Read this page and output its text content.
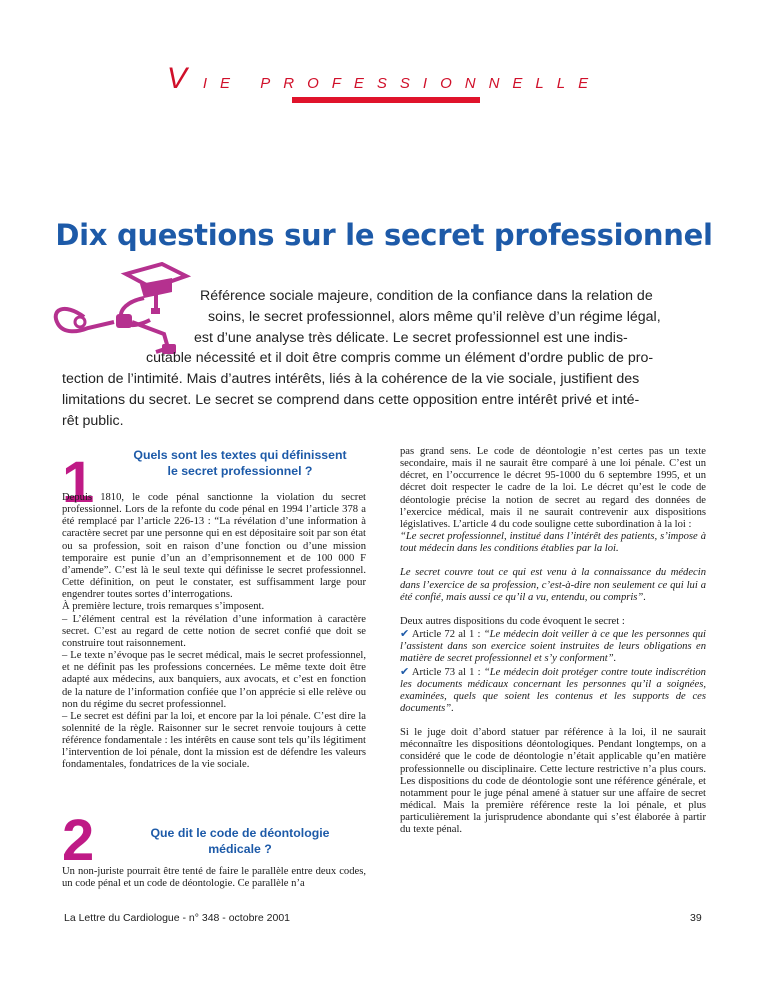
VIE PROFESSIONNELLE
Dix questions sur le secret professionnel
Référence sociale majeure, condition de la confiance dans la relation de
soins, le secret professionnel, alors même qu’il relève d’un régime légal,
est d’une analyse très délicate. Le secret professionnel est une indis-
cutable nécessité et il doit être compris comme un élément d’ordre public de pro-
tection de l’intimité. Mais d’autres intérêts, liés à la cohérence de la vie sociale, justifient des
limitations du secret. Le secret se comprend dans cette opposition entre intérêt privé et inté-
rêt public.
1	Quels sont les textes qui définissent
le secret professionnel ?

Depuis 1810, le code pénal sanctionne la violation du secret professionnel. Lors de la refonte du code pénal en 1994 l’article 378 a été remplacé par l’article 226-13 : “La révélation d’une information à caractère secret par une personne qui en est dépositaire soit par son état ou sa profession, soit en raison d’une fonction ou d’une mission temporaire est punie d’un an d’emprisonnement et de 100 000 F d’amende”. C’est là le seul texte qui définisse le secret professionnel. Cette définition, on peut le constater, est suffisamment large pour engendrer toutes sortes d’interrogations.

À première lecture, trois remarques s’imposent.

– L’élément central est la révélation d’une information à caractère secret. C’est au regard de cette notion de secret confié que doit se construire tout raisonnement.

– Le texte n’évoque pas le secret médical, mais le secret professionnel, et ne définit pas les professions concernées. Le même texte doit être adapté aux médecins, aux banquiers, aux avocats, et c’est en fonction de la nature de l’information confiée que l’on apprécie si elle relève ou non du régime du secret professionnel.

– Le secret est défini par la loi, et encore par la loi pénale. C’est dire la solennité de la règle. Raisonner sur le secret renvoie toujours à cette référence fondamentale : les intérêts en cause sont tels qu’ils légitiment l’intervention de loi pénale, dont la mission est de défendre les valeurs fondamentales, fondatrices de la vie sociale.

2	Que dit le code de déontologie
médicale ?

Un non-juriste pourrait être tenté de faire le parallèle entre deux codes, un code pénal et un code de déontologie. Ce parallèle n’a

pas grand sens. Le code de déontologie n’est certes pas un texte secondaire, mais il ne saurait être comparé à une loi pénale. C’est un décret, en l’occurrence le décret 95-1000 du 6 septembre 1995, et un décret doit respecter le cadre de la loi. Le décret qu’est le code de déontologie précise la notion de secret au regard des données de l’exercice médical, mais il ne saurait contrevenir aux dispositions législatives. L’article 4 du code souligne cette subordination à la loi :

“Le secret professionnel, institué dans l’intérêt des patients, s’impose à tout médecin dans les conditions établies par la loi.

Le secret couvre tout ce qui est venu à la connaissance du médecin dans l’exercice de sa profession, c’est-à-dire non seulement ce qui lui a été confié, mais aussi ce qu’il a vu, entendu, ou compris”.

Deux autres dispositions du code évoquent le secret :

✔ Article 72 al 1 : “Le médecin doit veiller à ce que les personnes qui l’assistent dans son exercice soient instruites de leurs obligations en matière de secret professionnel et s’y conforment”.

✔ Article 73 al 1 : “Le médecin doit protéger contre toute indiscrétion les documents médicaux concernant les personnes qu’il a soignées, examinées, quels que soient les contenus et les supports de ces documents”.

Si le juge doit d’abord statuer par référence à la loi, il ne saurait méconnaître les dispositions déontologiques. Pendant longtemps, on a considéré que le code de déontologie n’était applicable qu’en matière professionnelle ou disciplinaire. Cette lecture restrictive n’a plus cours. Les dispositions du code de déontologie sont une référence générale, et notamment pour le juge pénal amené à statuer sur une affaire de secret médical. Mais la première référence reste la loi pénale, et plus particulièrement la jurisprudence abondante qui s’est élaborée à partir du texte pénal.

La Lettre du Cardiologue - n° 348 - octobre 2001	39
